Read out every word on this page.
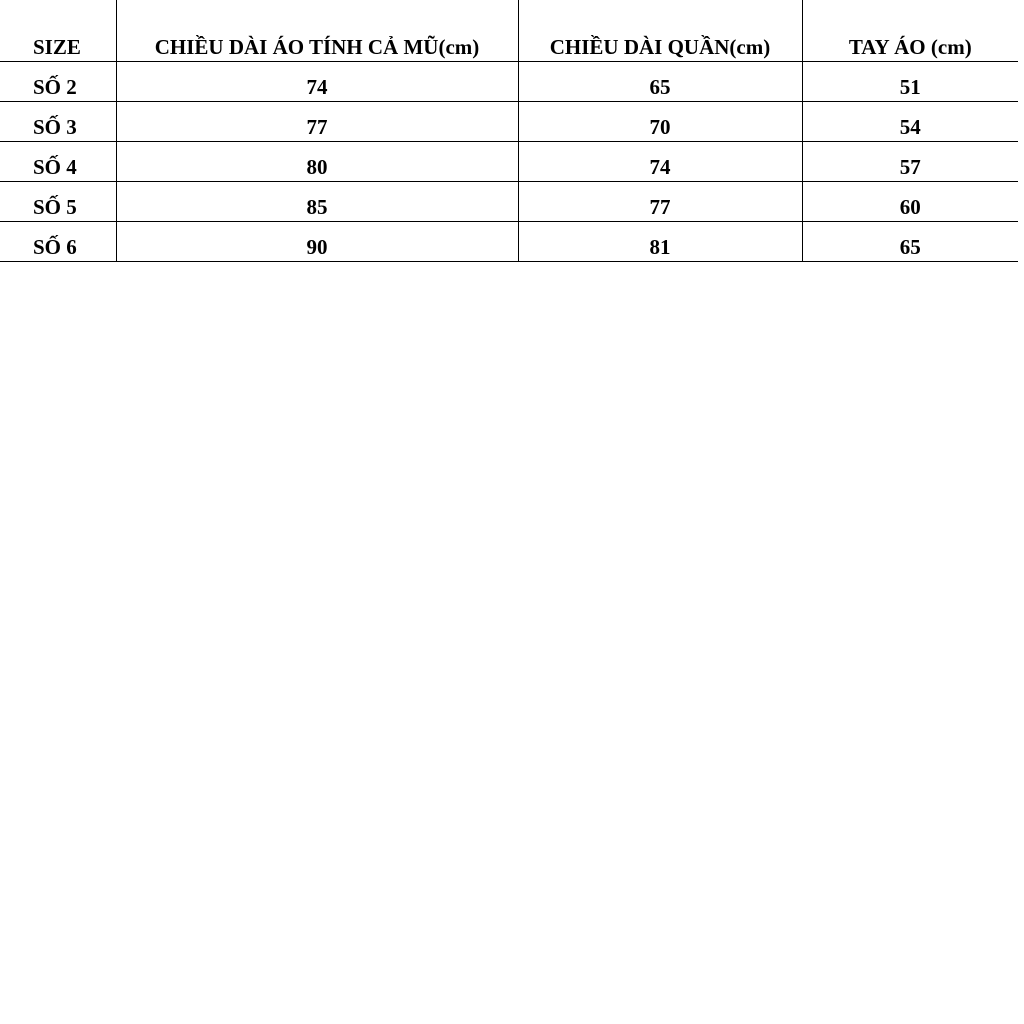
SIZE	CHIỀU DÀI ÁO TÍNH CẢ MŨ(cm)	CHIỀU DÀI QUẦN(cm)	TAY ÁO (cm)
SỐ 2	74	65	51
SỐ 3	77	70	54
SỐ 4	80	74	57
SỐ 5	85	77	60
SỐ 6	90	81	65
